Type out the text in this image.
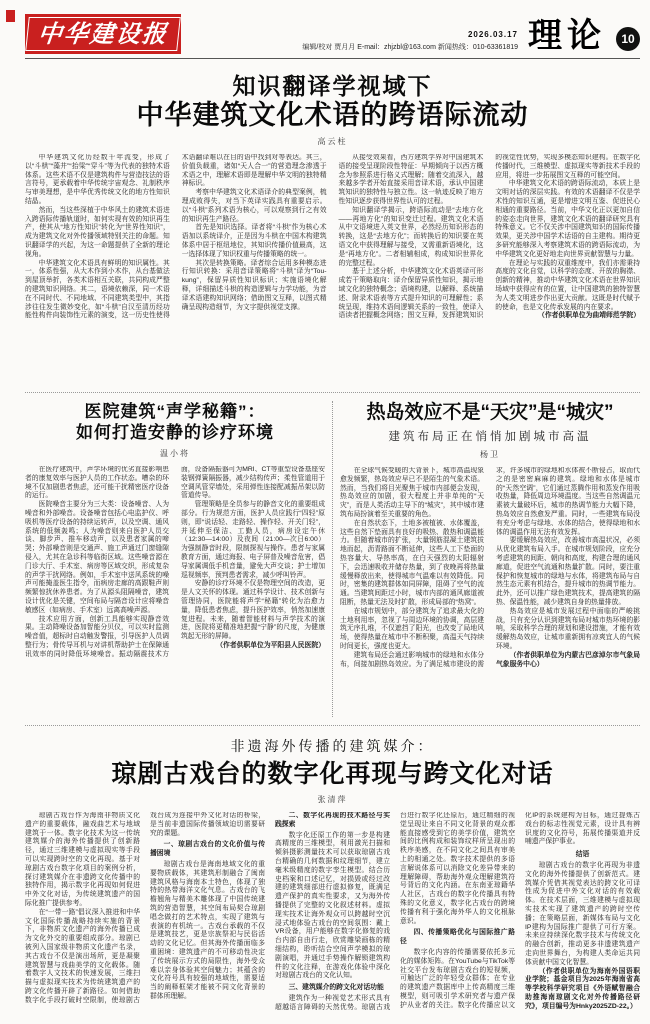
中华建设报	2026.03.17
编辑/校对 贾月月 E-mail：zhjzbl@163.com 新闻热线：010-63361819 理论	10
知识翻译学视域下
中华建筑文化术语的跨语际流动
高云柱

中华建筑文化历经数千年流变，形成了以“斗栱”“藻井”“抬梁”“穿斗”等为代表的独特术语体系。这些术语不仅是建筑构件与营造技法的语言符号，更承载着中华传统宇宙观念、礼制秩序与审美理想，是中华优秀传统文化的地方性知识结晶。

然而，当这些深植于中华风土的建筑术语进入跨语际传播轨道时，如何实现有效的知识再生产，使其从“地方性知识”转化为“世界性知识”，成为建筑文化对外传播领域特别关注的命题。知识翻译学的兴起，为这一命题提供了全新的理论视角。

中华建筑文化术语具有鲜明的知识属性。其一，体系性强，从大木作到小木作，从台基做法到屋顶举折，各类术语相互关联，共同构成严整的建筑知识网络。其二，语境依赖深，同一术语在不同时代、不同地域、不同建筑类型中，其指涉往往发生微妙变化，如“斗栱”自汉至清历经功能性构件向装饰性元素的演变，这一历史性使得术语翻译难以在目的语中找到对等表达。其三，价值负载重，诸如“天人合一”的营造理念渗透于术语之中，理解术语即是理解中华文明的独特精神标识。

考察中华建筑文化术语译介的典型案例，梳理成败得失，对当下英译实践具有重要启示。以“斗栱”系列术语为核心，可以观察到行之有效的知识再生产路径。

首先是知识选择。译者将“斗栱”作为核心术语加以系统译介，正是因为斗栱在中国木构建筑体系中居于枢纽地位，其知识传播价值最高，这一选择体现了知识权重与传播策略的统一。

其次是转换策略。译者综合运用多种模态进行知识转换：采用音译策略将“斗栱”译为“Tou-kung”，保留异质性知识标识；实施语境化解释，详细描述斗栱的构造逻辑与力学功能，为音译术语建构知识网络；借助图文互释，以图式精确呈现构造细节，为文字提供视觉支撑。

从接受效果看，西方建筑学界对中国建筑术语的接受呈现阶段性特征：早期倾向于以西方概念为参照系进行格义式理解；随着交流深入，越来越多学者开始直接采用音译术语，承认中国建筑知识的独特性与独立性。这一轨迹反映了地方性知识逐步获得世界性认可的过程。

知识翻译学揭示，跨语际流动是“去地方化——再地方化”的知识变迁过程。建筑文化术语从中文语境进入英文世界，必然经历知识形态的转换，这是“去地方化”；而转换后的知识要在英语文化中获得理解与接受，又需重新语境化，这是“再地方化”。二者相辅相成，构成知识世界化的完整过程。

基于上述分析，中华建筑文化术语英译可形成若干策略取向：译介保留异质性知识，揭示地域文化的独特概念；语境构建，以解释、系统描述、附录术语表等方式提升知识的可理解性；系统呈现，维持术语间逻辑关系的一致性，使译入语读者把握概念网络；图文互释，发挥建筑知识的视觉性优势，实现多模态知识建构。在数字化传播时代，三维模型、虚拟现实等新技术手段的应用，将进一步拓展图文互释的可能空间。

中华建筑文化术语的跨语际流动，本质上是文明对话的深层实践。有效的术语翻译不仅是学术性的知识互通，更是增进文明互鉴、促进民心相通的重要路径。当前，中华文化正以更加自信的姿态走向世界，建筑文化术语的翻译研究具有特殊意义。它不仅关涉中国建筑知识的国际传播效果，更关涉中国学术话语的自主建构。期待更多研究能够深入考察建筑术语的跨语际流动，为中华建筑文化更好地走向世界贡献智慧与力量。

在理论与实践的双重维度中，我们亦需秉持高度的文化自觉，以科学的态度、开放的胸襟、创新的精神，推动中华建筑文化术语在世界知识场域中获得应有的位置，让中国建筑的独特智慧为人类文明进步作出更大贡献。这既是时代赋予的使命，也是文化传承发展的内在要求。

（作者供职单位为曲靖师范学院）

医院建筑“声学秘籍”：
如何打造安静的诊疗环境
温小将

在医疗建筑中，声学环境的优劣直接影响患者的康复效率与医护人员的工作状态。嘈杂的环境不仅加剧患者焦虑，还可能干扰精密医疗设备的运行。

医院噪音主要分为三大类：设备噪音、人为噪音和外部噪音。设备噪音包括心电监护仪、呼吸机等医疗设备的持续运转声，以及空调、通风系统的低频轰鸣；人为噪音则来自医护人员交谈、脚步声、推车移动声，以及患者家属的啼哭；外部噪音则是交通声、施工声通过门窗缝隙侵入，尤其在急诊科等临街区域。这些噪音源在门诊大厅、手术室、病房等区域交织，形成复杂的声学干扰网络。例如，手术室中送风系统的噪声可能掩盖医生指令，而病房走廊的高跟鞋声则频繁惊扰休养患者。为了从源头阻隔噪音，建筑设计优化是关键，空间布局与隔音设计应将噪音敏感区（如病房、手术室）远离高噪声源。

技术应用方面，创新工具能够实现静音效果。主动降噪设备加智能分贝仪，可以实时监测噪音值，超标时自动触发警报，引导医护人员调整行为；骨传导耳机与对讲机帮助护士在保障通讯效率的同时降低环境噪音。振动隔震技术方面，设备隔振器可为MRI、CT等重型设备基座安装钢弹簧隔振器，减少结构传声；柔性管道用于空调风管穿墙处，采用弹性连接配减振吊架以防管道传导。

管理策略是全员参与的静音文化的重要组成部分。行为规范方面，医护人员应践行“四轻”原则，即“说话轻、走路轻、操作轻、开关门轻”，并延伸至保洁、工勤人员，病房设定午休（12:30—14:00）及夜间（21:00—次日6:00）为强制静音时段，限制探视与操作。患者与家属教育方面，通过海报、电子屏普及噪音危害，倡导家属调低手机音量，避免大声交谈；护士增加巡视频率，预判患者需求，减少呼叫铃声。

安静的诊疗环境不仅是物理空间的改造，更是人文关怀的体现。通过科学设计、技术创新与管理协同，医院能将声学“秘籍”转化为治愈力量，降低患者焦虑，提升医护效率，悄然加速康复进程。未来，随着智能材料与声学技术的演进，医院将更精准地把握“宁静”的尺度，为健康筑起无形的屏障。

（作者供职单位为平阳县人民医院）

热岛效应不是“天灾”是“城灾”
建筑布局正在悄悄加剧城市高温
杨卫

在全球气候变暖的大背景下，城市高温现象愈发频繁，热岛效应早已不是陌生的气象术语。然而，当我们将目光聚焦于城市内部便会发现，热岛效应的加剧，很大程度上并非单纯的“天灾”，而是人类活动主导下的“城灾”，其中城市建筑布局扮演着至关重要的角色。

在自然状态下，土地多被植被、水体覆盖，这些自然下垫面具有良好的吸热、散热和调温能力。但随着城市的扩张，大量钢筋混凝土建筑拔地而起，沥青路面不断延伸，这些人工下垫面的热容量大、导热率高，在白天强烈的太阳辐射下，会迅速吸收并储存热量，到了夜晚再将热量缓慢释放出来，使得城市气温难以有效降低。同时，密集的建筑群体如同屏障，阻碍了空气的流通。当建筑间距过小时，城市内部的通风廊道被阻断，热量无法及时扩散，形成局部的“热窝”。

在城市规划中，部分建筑为了追求最大化的土地利用率，忽视了与周边环境的协调，高层建筑无序扎堆，不仅遮挡了阳光，也改变了局地风场，使得热量在城市中不断积聚，高温天气持续时间更长，强度也更大。

建筑布局还会通过影响城市的绿地和水体分布，间接加剧热岛效应。为了满足城市建设的需求，许多城市的绿地和水体被不断侵占，取而代之的是密密麻麻的建筑。绿地和水体是城市的“天然空调”，它们通过蒸腾作用和蒸发作用吸收热量，降低周边环境温度。当这些自然调温元素被大量破坏后，城市的热调节能力大幅下降，热岛效应自然愈发严重。同时，一些建筑布局没有充分考虑与绿地、水体的结合，使得绿地和水体的调温作用无法有效发挥。

要缓解热岛效应，改善城市高温状况，必须从优化建筑布局入手。在城市规划阶段，应充分考虑建筑的间距、朝向和高度，构建合理的通风廊道，促进空气流通和热量扩散。同时，要注重保护和恢复城市的绿地与水体，将建筑布局与自然生态元素有机结合，提升城市的热调节能力。此外，还可以推广绿色建筑技术，提高建筑的隔热、保温性能，减少建筑自身的热量排放。

热岛效应是城市发展过程中面临的严峻挑战，只有充分认识到建筑布局对城市热环境的影响，采取科学合理的规划和建设措施，才能有效缓解热岛效应，让城市重新拥有凉爽宜人的气候环境。

（作者供职单位为内蒙古巴彦淖尔市气象局气象服务中心）

非遗海外传播的建筑媒介：
琼剧古戏台的数字化再现与跨文化对话
张清萍

琼剧古戏台作为海南非物质文化遗产的重要载体，融戏曲艺术与地域建筑于一体。数字化技术为这一传统建筑媒介的海外传播提供了创新路径，通过三维建模与虚拟现实等手段可以实现跨时空的文化再现。基于对琼剧古戏台数字化项目的案例分析，探讨建筑媒介在非遗跨文化传播中的独特作用，揭示数字化再现如何促进中外文化对话，为传统建筑遗产的国际化推广提供参考。

在“一带一路”倡议深入推进和中华文化国际传播战略持续实施的背景下，非物质文化遗产的海外传播已成为文化外交的重要组成部分。琼剧已被列入国家级非物质文化遗产名录，其古戏台不仅是演出场所，更是凝聚建筑智慧与戏曲美学的文化载体。随着数字人文技术的快速发展，三维扫描与虚拟现实技术为传统建筑遗产的跨文化传播开辟了新路径。如何借助数字化手段打破时空限制，使琼剧古戏台成为连接中外文化对话的桥梁，是当前非遗国际传播领域迫切需要研究的课题。

一、琼剧古戏台的文化价值与传播困境

琼剧古戏台是海南地域文化的重要物质载体，其建筑形制融合了闽南建筑风格与海南本土特色，体现了独特的热带海洋文化气息。古戏台的飞檐翘角与精美木雕体现了中国传统建筑的营造智慧，其空间布局契合琼剧唱念做打的艺术特点，实现了建筑与表演的有机统一。古戏台承载的不仅是建筑技艺，更是宗族祭祀与民俗活动的文化记忆。但其海外传播面临多重困境：建筑遗产的不可移动性决定了传统展示方式的局限性，海外受众难以亲身体验其空间魅力；其蕴含的文化符号具有较强的地域性，需要适当的阐释框架才能被不同文化背景的群体所理解。

二、数字化再现的技术路径与实践探索

数字化还原工作的第一步是构建高精度的三维模型，利用激光扫描和倾斜摄影测量技术可以获取琼剧古戏台精确的几何数据和纹理细节，建立毫米级精度的数字孪生模型。结合历史档案和口述记忆，对损毁或经过改建的建筑细部进行虚拟修复，既满足遗产保护的真实性要求，又为海外传播提供了完整的文化叙述材料。虚拟现实技术让海外观众可以跨越时空沉浸式地体验古戏台的空间氛围：戴上VR设备，用户能够在数字化修复的戏台内部自由行走，欣赏雕梁画栋的精细结构，聆听结合空间声学模拟的琼剧演唱，并通过手势操作解锁建筑构件的文化注释，在游戏化体验中深化对琼剧古戏台的文化认知。

三、建筑媒介的跨文化对话功能

建筑作为一种视觉艺术形式具有超越语言障碍的天然优势。琼剧古戏台进行数字化还原后，通过精细的视觉呈现让来自不同文化背景的观众都能直接感受到它的美学价值，建筑空间的比例构成和装饰纹样所呈现出的秩序美感，在不同文化之间具有审美上的相通之处。数字技术提供的多语言解说体系可以消除文化差异带来的理解障碍，帮助海外观众理解建筑符号背后的文化内涵。在东南亚琼籍华人社区，古戏台的数字化传播具有特殊的文化意义，数字化古戏台的跨境传播有利于强化海外华人的文化根脉意识。

四、传播策略优化与国际推广路径

数字化内容的传播需要依托多元化的媒体矩阵。在YouTube与TikTok等社交平台发布琼剧古戏台的短视频，可触达广泛的年轻受众群体；在专业的建筑遗产数据库中上传高精度三维模型，则可吸引学术研究者与遗产保护从业者的关注。数字化传播应以文化IP的系统建构为目标，通过提炼古戏台的标志性视觉元素，设计具有辨识度的文化符号，拓展传播渠道并反哺遗产保护事业。

结语

琼剧古戏台的数字化再现为非遗文化的海外传播提供了创新范式。建筑媒介凭借其视觉表达的跨文化可译性成为促进中外文化对话的有效载体。在技术层面，三维建模与虚拟现实技术实现了建筑遗产的跨时空传播；在策略层面，新媒体布局与文化IP建构为国际推广提供了可行方案。未来应持续深化数字技术与传统文化的融合创新，推动更多非遗建筑遗产走向世界舞台，为构建人类命运共同体贡献中国文化智慧。

（作者供职单位为海南外国语职业学院；基金项目为2025年海南省高等学校科学研究项目《外语赋智融合助推海南琼剧文化对外传播路径研究》，项目编号为Hnky2025ZD-22。）
